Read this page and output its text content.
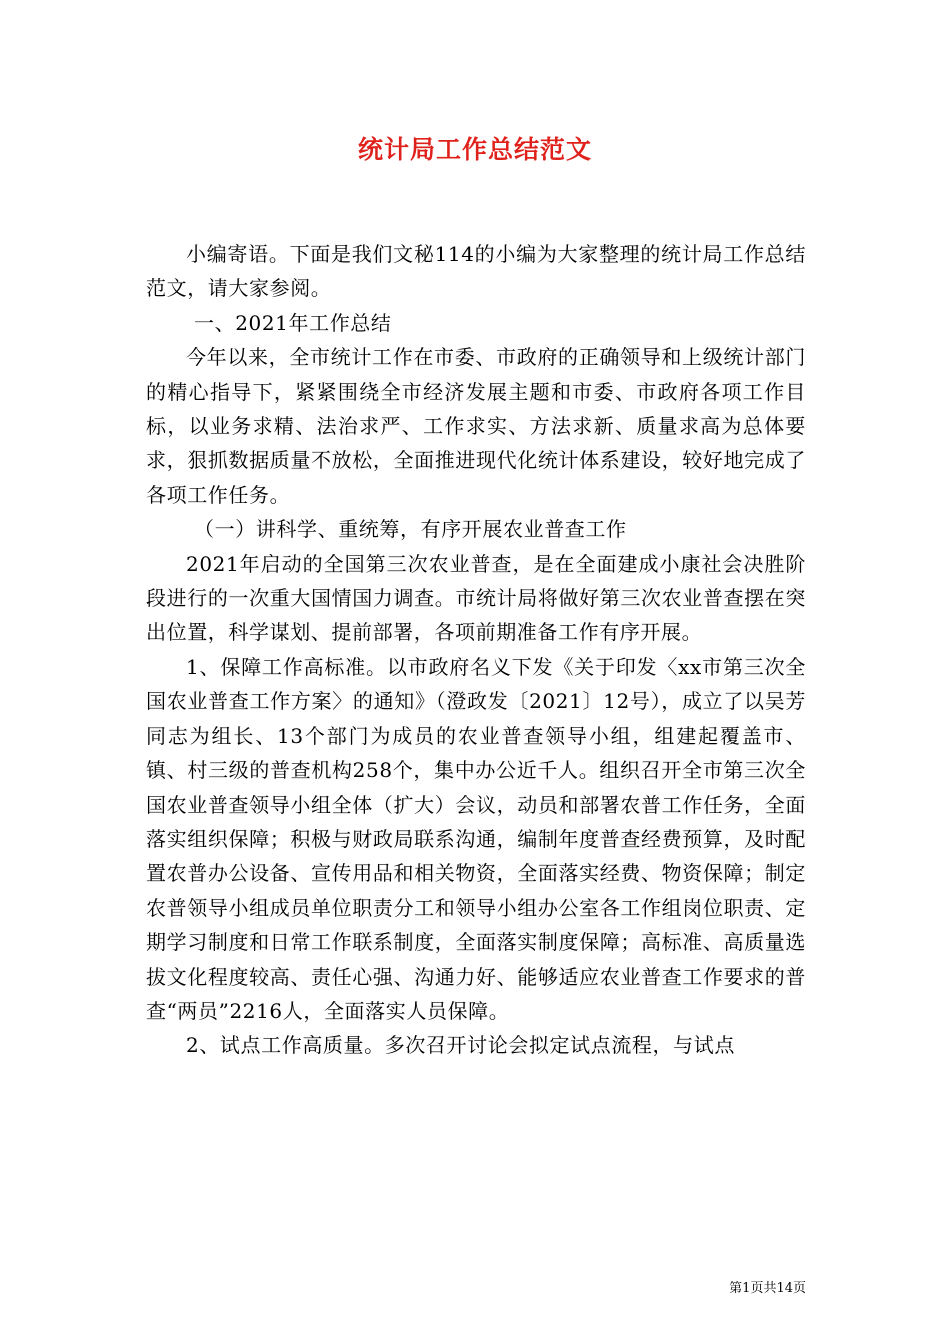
统计局工作总结范文

小编寄语。下面是我们文秘114的小编为大家整理的统计局工作总结范文，请大家参阅。

一、2021年工作总结

今年以来，全市统计工作在市委、市政府的正确领导和上级统计部门的精心指导下，紧紧围绕全市经济发展主题和市委、市政府各项工作目标，以业务求精、法治求严、工作求实、方法求新、质量求高为总体要求，狠抓数据质量不放松，全面推进现代化统计体系建设，较好地完成了各项工作任务。

（一）讲科学、重统筹，有序开展农业普查工作

2021年启动的全国第三次农业普查，是在全面建成小康社会决胜阶段进行的一次重大国情国力调查。市统计局将做好第三次农业普查摆在突出位置，科学谋划、提前部署，各项前期准备工作有序开展。

1、保障工作高标准。以市政府名义下发《关于印发〈xx市第三次全国农业普查工作方案〉的通知》（澄政发〔2021〕12号），成立了以吴芳同志为组长、13个部门为成员的农业普查领导小组，组建起覆盖市、镇、村三级的普查机构258个，集中办公近千人。组织召开全市第三次全国农业普查领导小组全体（扩大）会议，动员和部署农普工作任务，全面落实组织保障；积极与财政局联系沟通，编制年度普查经费预算，及时配置农普办公设备、宣传用品和相关物资，全面落实经费、物资保障；制定农普领导小组成员单位职责分工和领导小组办公室各工作组岗位职责、定期学习制度和日常工作联系制度，全面落实制度保障；高标准、高质量选拔文化程度较高、责任心强、沟通力好、能够适应农业普查工作要求的普查“两员”2216人，全面落实人员保障。

2、试点工作高质量。多次召开讨论会拟定试点流程，与试点

第1页共14页
